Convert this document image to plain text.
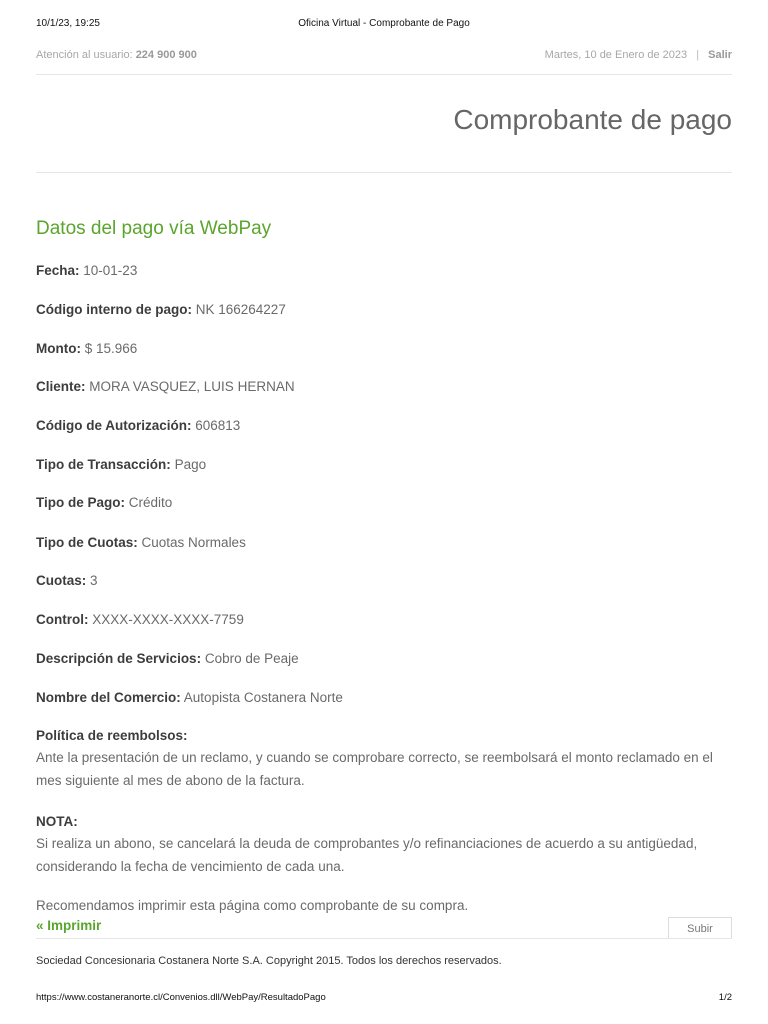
10/1/23, 19:25	Oficina Virtual - Comprobante de Pago
Atención al usuario: 224 900 900	Martes, 10 de Enero de 2023 | Salir
Comprobante de pago
Datos del pago vía WebPay
Fecha: 10-01-23
Código interno de pago: NK 166264227
Monto: $ 15.966
Cliente: MORA VASQUEZ, LUIS HERNAN
Código de Autorización: 606813
Tipo de Transacción: Pago
Tipo de Pago: Crédito
Tipo de Cuotas: Cuotas Normales
Cuotas: 3
Control: XXXX-XXXX-XXXX-7759
Descripción de Servicios: Cobro de Peaje
Nombre del Comercio: Autopista Costanera Norte
Política de reembolsos:
Ante la presentación de un reclamo, y cuando se comprobare correcto, se reembolsará el monto reclamado en el mes siguiente al mes de abono de la factura.
NOTA:
Si realiza un abono, se cancelará la deuda de comprobantes y/o refinanciaciones de acuerdo a su antigüedad, considerando la fecha de vencimiento de cada una.
Recomendamos imprimir esta página como comprobante de su compra.
« Imprimir	Subir
Sociedad Concesionaria Costanera Norte S.A. Copyright 2015. Todos los derechos reservados.
https://www.costaneranorte.cl/Convenios.dll/WebPay/ResultadoPago	1/2
